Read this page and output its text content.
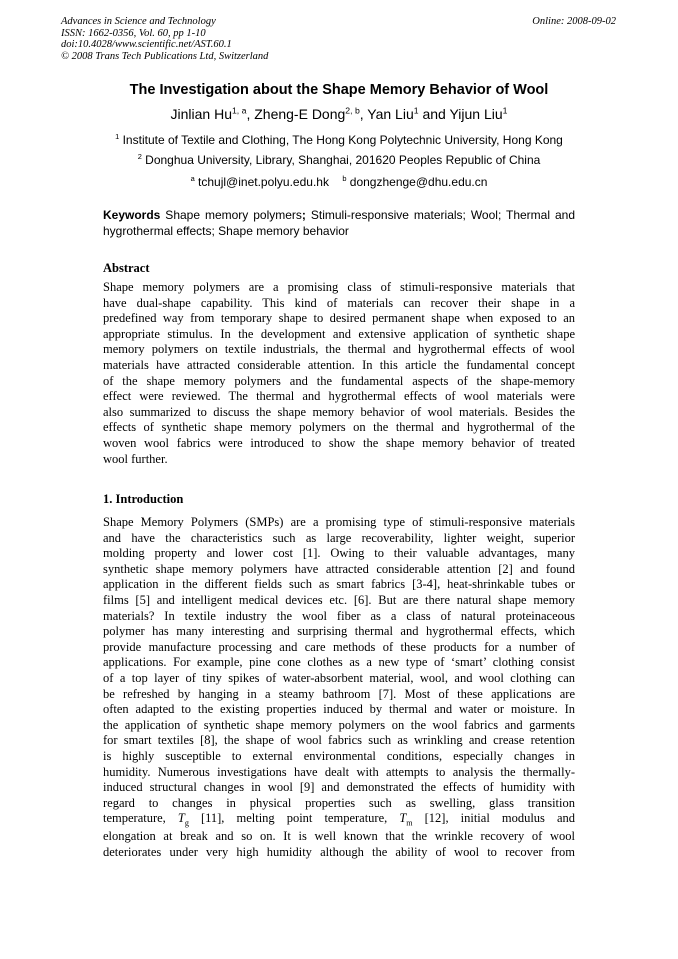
Advances in Science and Technology
ISSN: 1662-0356, Vol. 60, pp 1-10
doi:10.4028/www.scientific.net/AST.60.1
© 2008 Trans Tech Publications Ltd, Switzerland
Online: 2008-09-02
The Investigation about the Shape Memory Behavior of Wool
Jinlian Hu$^{1, a}$, Zheng-E Dong$^{2, b}$, Yan Liu$^1$ and Yijun Liu$^1$
$^1$ Institute of Textile and Clothing, The Hong Kong Polytechnic University, Hong Kong
$^2$ Donghua University, Library, Shanghai, 201620 Peoples Republic of China
$^a$ tchujl@inet.polyu.edu.hk $^b$ dongzhenge@dhu.edu.cn
Keywords Shape memory polymers; Stimuli-responsive materials; Wool; Thermal and hygrothermal effects; Shape memory behavior
Abstract
Shape memory polymers are a promising class of stimuli-responsive materials that
have dual-shape capability. This kind of materials can recover their shape in a
predefined way from temporary shape to desired permanent shape when exposed to an
appropriate stimulus. In the development and extensive application of synthetic shape
memory polymers on textile industrials, the thermal and hygrothermal effects of wool
materials have attracted considerable attention. In this article the fundamental concept
of the shape memory polymers and the fundamental aspects of the shape-memory
effect were reviewed. The thermal and hygrothermal effects of wool materials were
also summarized to discuss the shape memory behavior of wool materials. Besides the
effects of synthetic shape memory polymers on the thermal and hygrothermal of the
woven wool fabrics were introduced to show the shape memory behavior of treated
wool further.
1. Introduction
Shape Memory Polymers (SMPs) are a promising type of stimuli-responsive materials
and have the characteristics such as large recoverability, lighter weight, superior
molding property and lower cost [1]. Owing to their valuable advantages, many
synthetic shape memory polymers have attracted considerable attention [2] and found
application in the different fields such as smart fabrics [3-4], heat-shrinkable tubes or
films [5] and intelligent medical devices etc. [6]. But are there natural shape memory
materials? In textile industry the wool fiber as a class of natural proteinaceous
polymer has many interesting and surprising thermal and hygrothermal effects, which
provide manufacture processing and care methods of these products for a number of
applications. For example, pine cone clothes as a new type of ‘smart’ clothing consist
of a top layer of tiny spikes of water-absorbent material, wool, and wool clothing can
be refreshed by hanging in a steamy bathroom [7]. Most of these applications are
often adapted to the existing properties induced by thermal and water or moisture. In
the application of synthetic shape memory polymers on the wool fabrics and garments
for smart textiles [8], the shape of wool fabrics such as wrinkling and crease retention
is highly susceptible to external environmental conditions, especially changes in
humidity. Numerous investigations have dealt with attempts to analysis the thermally-
induced structural changes in wool [9] and demonstrated the effects of humidity with
regard to changes in physical properties such as swelling, glass transition
temperature, $T_g$ [11], melting point temperature, $T_m$ [12], initial modulus and
elongation at break and so on. It is well known that the wrinkle recovery of wool
deteriorates under very high humidity although the ability of wool to recover from
